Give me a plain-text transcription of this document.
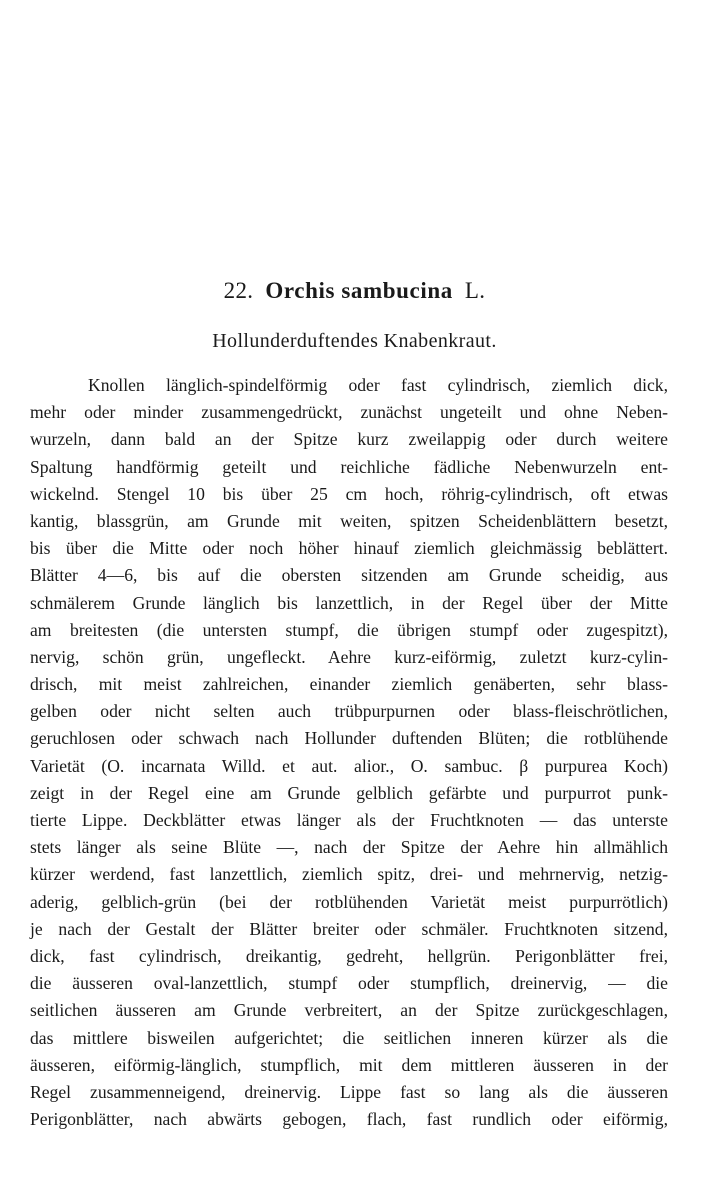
22. Orchis sambucina L.
Hollunderduftendes Knabenkraut.
Knollen länglich-spindelförmig oder fast cylindrisch, ziemlich dick,
mehr oder minder zusammengedrückt, zunächst ungeteilt und ohne Neben-
wurzeln, dann bald an der Spitze kurz zweilappig oder durch weitere
Spaltung handförmig geteilt und reichliche fädliche Nebenwurzeln ent-
wickelnd. Stengel 10 bis über 25 cm hoch, röhrig-cylindrisch, oft etwas
kantig, blassgrün, am Grunde mit weiten, spitzen Scheidenblättern besetzt,
bis über die Mitte oder noch höher hinauf ziemlich gleichmässig beblättert.
Blätter 4—6, bis auf die obersten sitzenden am Grunde scheidig, aus
schmälerem Grunde länglich bis lanzettlich, in der Regel über der Mitte
am breitesten (die untersten stumpf, die übrigen stumpf oder zugespitzt),
nervig, schön grün, ungefleckt. Aehre kurz-eiförmig, zuletzt kurz-cylin-
drisch, mit meist zahlreichen, einander ziemlich genäberten, sehr blass-
gelben oder nicht selten auch trübpurpurnen oder blass-fleischrötlichen,
geruchlosen oder schwach nach Hollunder duftenden Blüten; die rotblühende
Varietät (O. incarnata Willd. et aut. alior., O. sambuc. β purpurea Koch)
zeigt in der Regel eine am Grunde gelblich gefärbte und purpurrot punk-
tierte Lippe. Deckblätter etwas länger als der Fruchtknoten — das unterste
stets länger als seine Blüte —, nach der Spitze der Aehre hin allmählich
kürzer werdend, fast lanzettlich, ziemlich spitz, drei- und mehrnervig, netzig-
aderig, gelblich-grün (bei der rotblühenden Varietät meist purpurrötlich)
je nach der Gestalt der Blätter breiter oder schmäler. Fruchtknoten sitzend,
dick, fast cylindrisch, dreikantig, gedreht, hellgrün. Perigonblätter frei,
die äusseren oval-lanzettlich, stumpf oder stumpflich, dreinervig, — die
seitlichen äusseren am Grunde verbreitert, an der Spitze zurückgeschlagen,
das mittlere bisweilen aufgerichtet; die seitlichen inneren kürzer als die
äusseren, eiförmig-länglich, stumpflich, mit dem mittleren äusseren in der
Regel zusammenneigend, dreinervig. Lippe fast so lang als die äusseren
Perigonblätter, nach abwärts gebogen, flach, fast rundlich oder eiförmig,
